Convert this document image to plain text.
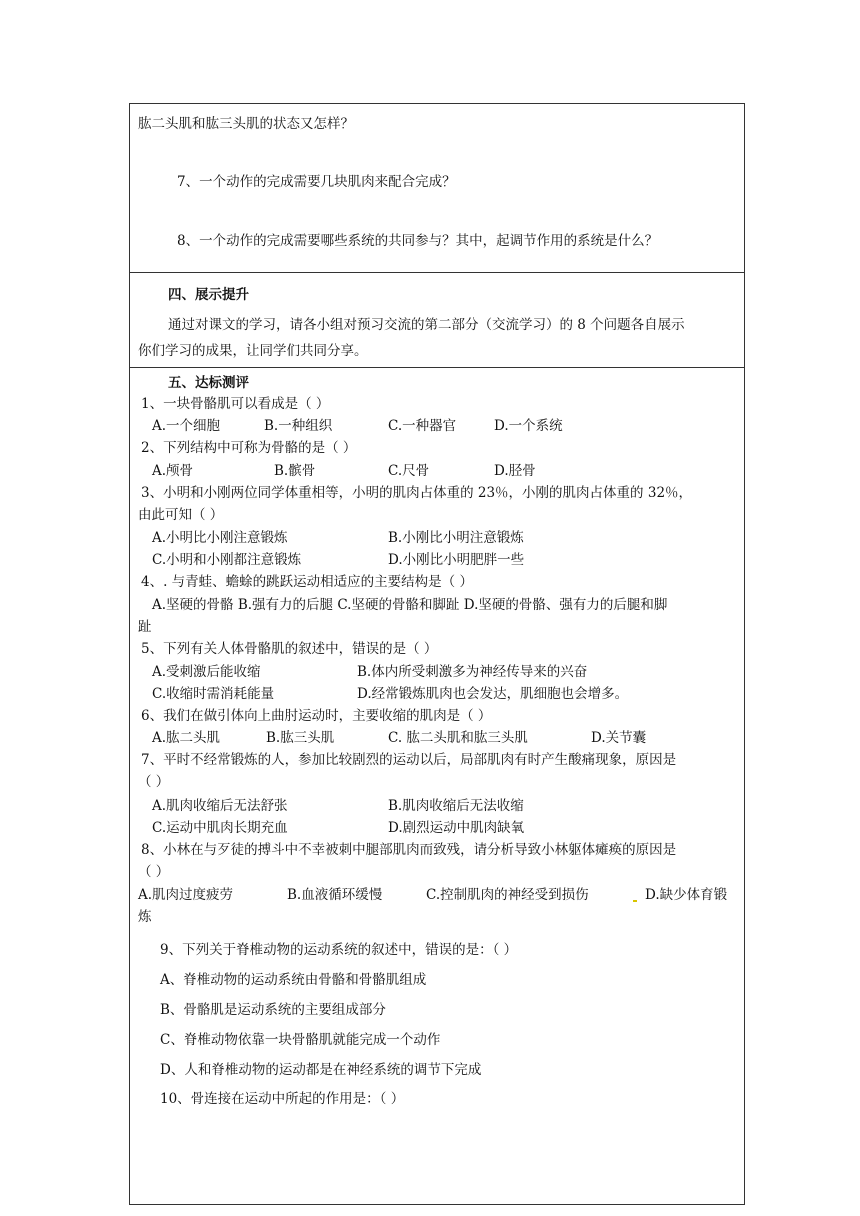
肱二头肌和肱三头肌的状态又怎样？
7、一个动作的完成需要几块肌肉来配合完成？
8、一个动作的完成需要哪些系统的共同参与？其中，起调节作用的系统是什么？
四、展示提升
通过对课文的学习，请各小组对预习交流的第二部分（交流学习）的 8 个问题各自展示
你们学习的成果，让同学们共同分享。
五、达标测评
1、一块骨骼肌可以看成是（ ）
A.一个细胞	B.一种组织	C.一种器官	D.一个系统
2、下列结构中可称为骨骼的是（ ）
A.颅骨	B.髌骨	C.尺骨	D.胫骨
3、小明和小刚两位同学体重相等，小明的肌肉占体重的 23％，小刚的肌肉占体重的 32％，
由此可知（ ）
A.小明比小刚注意锻炼	B.小刚比小明注意锻炼
C.小明和小刚都注意锻炼	D.小刚比小明肥胖一些
4、. 与青蛙、蟾蜍的跳跃运动相适应的主要结构是（ ）
A.坚硬的骨骼 B.强有力的后腿 C.坚硬的骨骼和脚趾 D.坚硬的骨骼、强有力的后腿和脚
趾
5、下列有关人体骨骼肌的叙述中，错误的是（ ）
A.受刺激后能收缩	B.体内所受刺激多为神经传导来的兴奋
C.收缩时需消耗能量	D.经常锻炼肌肉也会发达，肌细胞也会增多。
6、我们在做引体向上曲肘运动时，主要收缩的肌肉是（ ）
A.肱二头肌	B.肱三头肌	C. 肱二头肌和肱三头肌	D.关节囊
7、平时不经常锻炼的人，参加比较剧烈的运动以后，局部肌肉有时产生酸痛现象，原因是
（ ）
A.肌肉收缩后无法舒张	B.肌肉收缩后无法收缩
C.运动中肌肉长期充血	D.剧烈运动中肌肉缺氧
8、小林在与歹徒的搏斗中不幸被刺中腿部肌肉而致残，请分析导致小林躯体瘫痪的原因是
（ ）
A.肌肉过度疲劳	B.血液循环缓慢	C.控制肌肉的神经受到损伤	D.缺少体育锻
炼
9、下列关于脊椎动物的运动系统的叙述中，错误的是：（ ）
A、脊椎动物的运动系统由骨骼和骨骼肌组成
B、骨骼肌是运动系统的主要组成部分
C、脊椎动物依靠一块骨骼肌就能完成一个动作
D、人和脊椎动物的运动都是在神经系统的调节下完成
10、骨连接在运动中所起的作用是：（ ）
